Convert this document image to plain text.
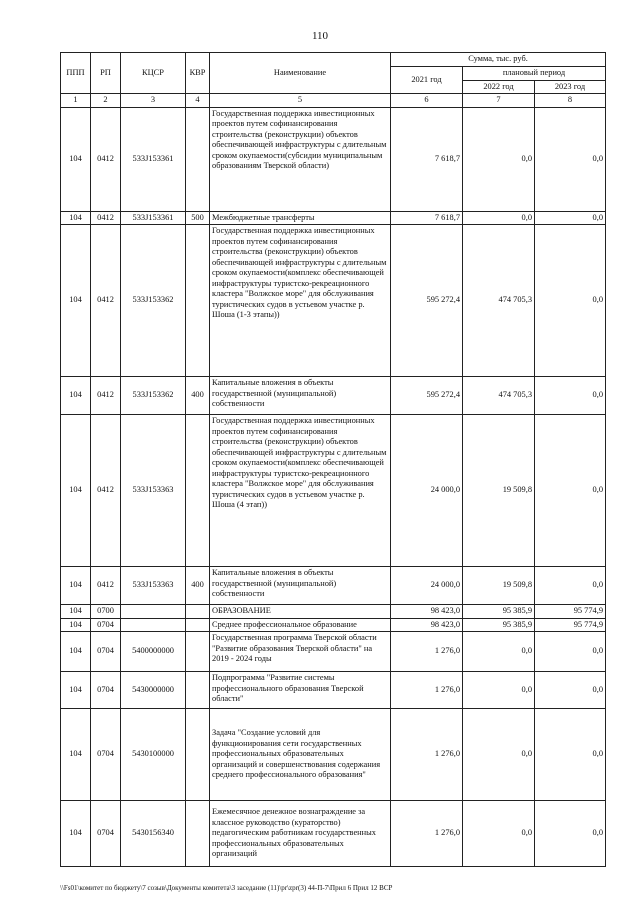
110
ППП	РП	КЦСР	КВР	Наименование	Сумма, тыс. руб.		
					2021 год	плановый период	
						2022 год	2023 год
1	2	3	4	5	6	7	8
104	0412	533J153361		Государственная поддержка инвестиционных проектов путем софинансирования строительства (реконструкции) объектов обеспечивающей инфраструктуры с длительным сроком окупаемости(субсидии муниципальным образованиям Тверской области)	7 618,7	0,0	0,0
104	0412	533J153361	500	Межбюджетные трансферты	7 618,7	0,0	0,0
104	0412	533J153362		Государственная поддержка инвестиционных проектов путем софинансирования строительства (реконструкции) объектов обеспечивающей инфраструктуры с длительным сроком окупаемости(комплекс обеспечивающей инфраструктуры туристско-рекреационного кластера "Волжское море" для обслуживания туристических судов в устьевом участке р. Шоша (1-3 этапы))	595 272,4	474 705,3	0,0
104	0412	533J153362	400	Капитальные вложения в объекты государственной (муниципальной) собственности	595 272,4	474 705,3	0,0
104	0412	533J153363		Государственная поддержка инвестиционных проектов путем софинансирования строительства (реконструкции) объектов обеспечивающей инфраструктуры с длительным сроком окупаемости(комплекс обеспечивающей инфраструктуры туристско-рекреационного кластера "Волжское море" для обслуживания туристических судов в устьевом участке р. Шоша (4 этап))	24 000,0	19 509,8	0,0
104	0412	533J153363	400	Капитальные вложения в объекты государственной (муниципальной) собственности	24 000,0	19 509,8	0,0
104	0700			ОБРАЗОВАНИЕ	98 423,0	95 385,9	95 774,9
104	0704			Среднее профессиональное образование	98 423,0	95 385,9	95 774,9
104	0704	5400000000		Государственная программа Тверской области "Развитие образования Тверской области" на 2019 - 2024 годы	1 276,0	0,0	0,0
104	0704	5430000000		Подпрограмма "Развитие системы профессионального образования Тверской области"	1 276,0	0,0	0,0
104	0704	5430100000		Задача "Создание условий для функционирования сети государственных профессиональных образовательных организаций и совершенствования содержания среднего профессионального образования"	1 276,0	0,0	0,0
104	0704	5430156340		Ежемесячное денежное вознаграждение за классное руководство (кураторство) педагогическим работникам государственных профессиональных образовательных организаций	1 276,0	0,0	0,0
\\Fs01\комитет по бюджету\7 созыв\Документы комитета\3 заседание (11)\pr\zpr(3) 44-П-7\Прил 6 Прил 12 ВСР
